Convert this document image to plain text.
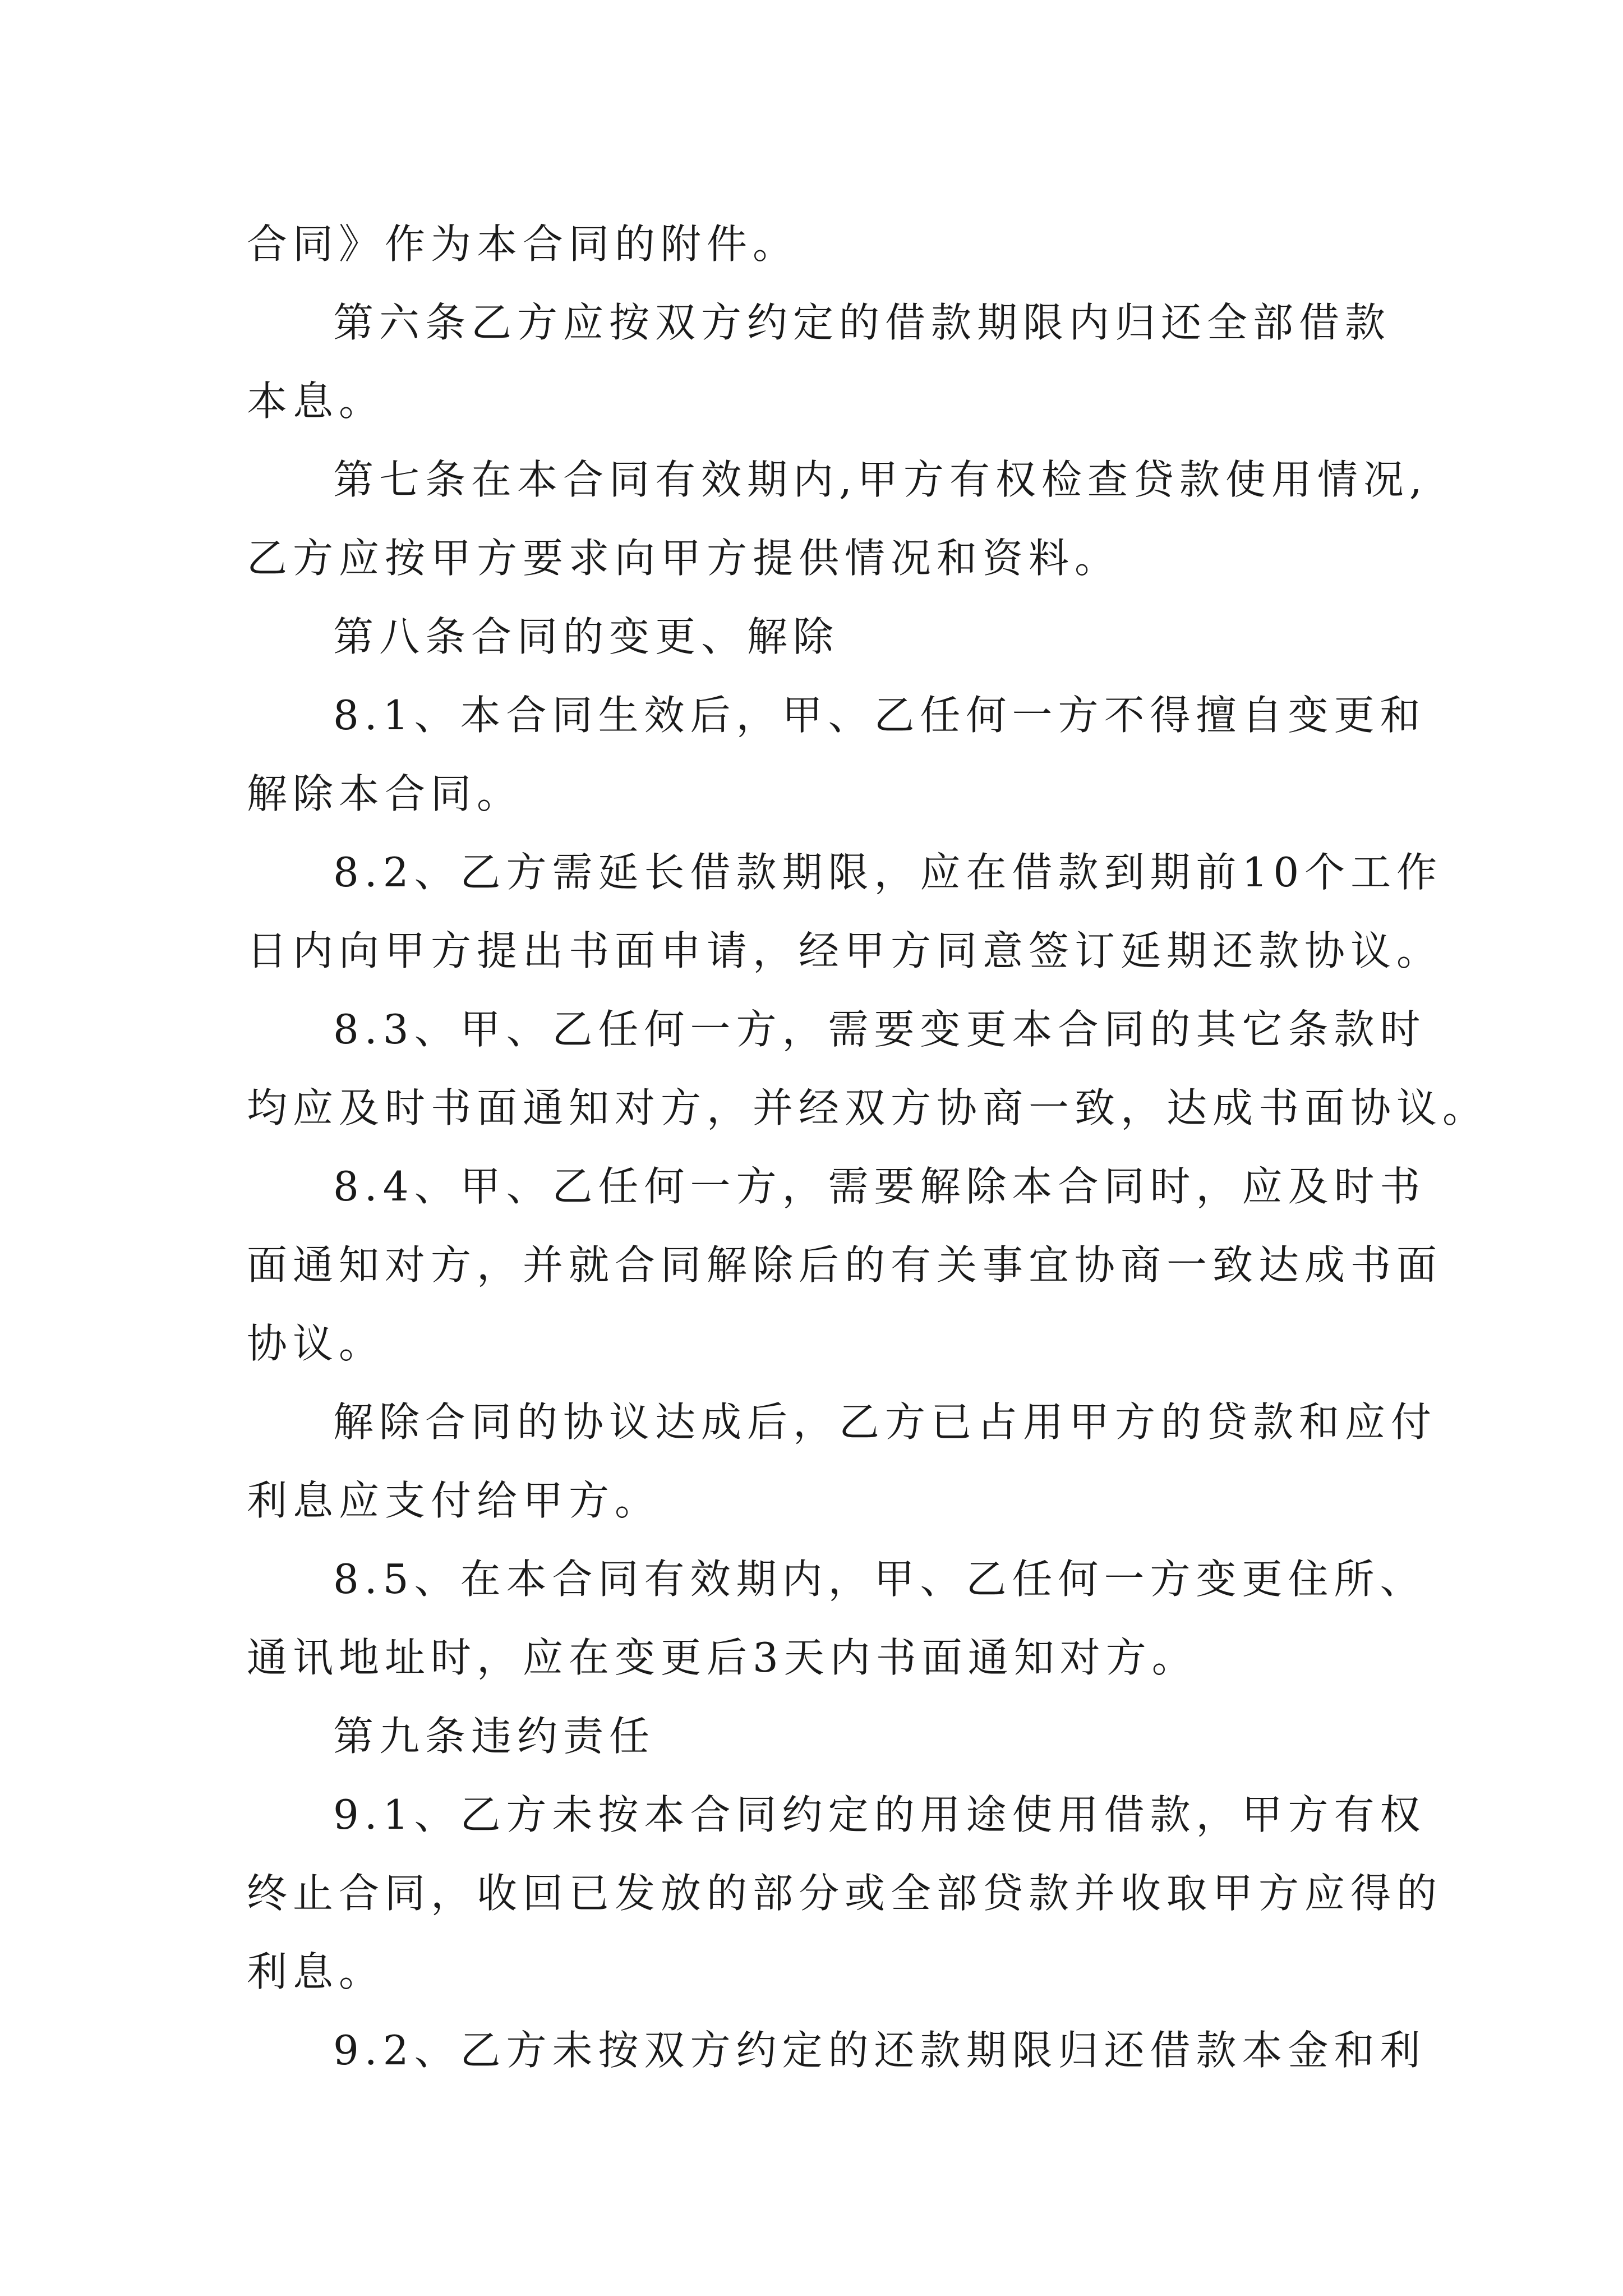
合同》作为本合同的附件。
第六条乙方应按双方约定的借款期限内归还全部借款
本息。
第七条在本合同有效期内,甲方有权检查贷款使用情况,
乙方应按甲方要求向甲方提供情况和资料。
第八条合同的变更、解除
8.1、本合同生效后，甲、乙任何一方不得擅自变更和
解除本合同。
8.2、乙方需延长借款期限，应在借款到期前10个工作
日内向甲方提出书面申请，经甲方同意签订延期还款协议。
8.3、甲、乙任何一方，需要变更本合同的其它条款时
均应及时书面通知对方，并经双方协商一致，达成书面协议。
8.4、甲、乙任何一方，需要解除本合同时，应及时书
面通知对方，并就合同解除后的有关事宜协商一致达成书面
协议。
解除合同的协议达成后，乙方已占用甲方的贷款和应付
利息应支付给甲方。
8.5、在本合同有效期内，甲、乙任何一方变更住所、
通讯地址时，应在变更后3天内书面通知对方。
第九条违约责任
9.1、乙方未按本合同约定的用途使用借款，甲方有权
终止合同，收回已发放的部分或全部贷款并收取甲方应得的
利息。
9.2、乙方未按双方约定的还款期限归还借款本金和利
